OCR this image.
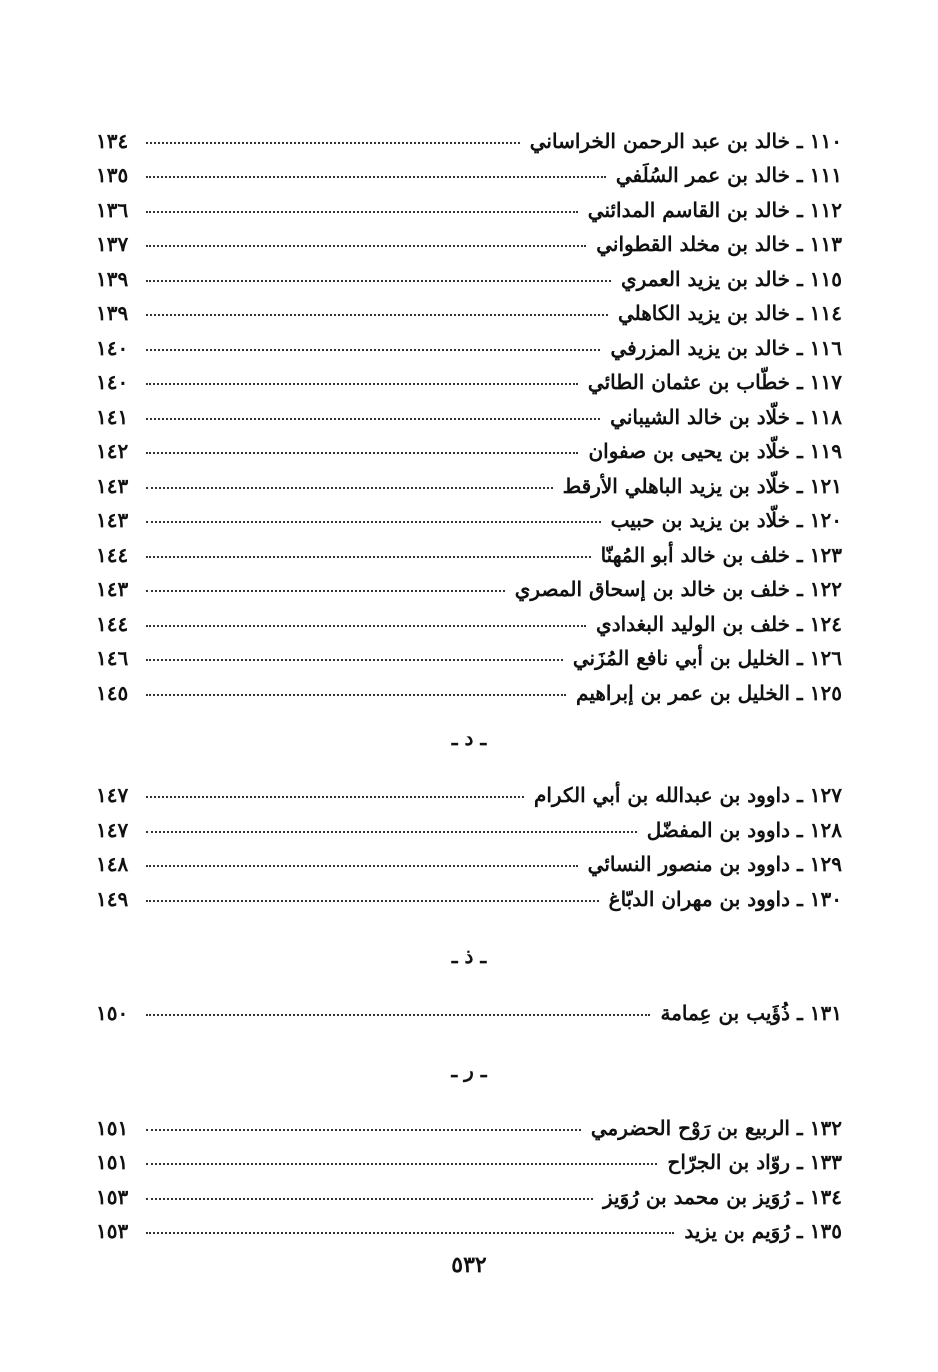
١١٠ ـ خالد بن عبد الرحمن الخراساني
١٣٤
١١١ ـ خالد بن عمر السُلَفي
١٣٥
١١٢ ـ خالد بن القاسم المدائني
١٣٦
١١٣ ـ خالد بن مخلد القطواني
١٣٧
١١٥ ـ خالد بن يزيد العمري
١٣٩
١١٤ ـ خالد بن يزيد الكاهلي
١٣٩
١١٦ ـ خالد بن يزيد المزرفي
١٤٠
١١٧ ـ خطّاب بن عثمان الطائي
١٤٠
١١٨ ـ خلّاد بن خالد الشيباني
١٤١
١١٩ ـ خلّاد بن يحيى بن صفوان
١٤٢
١٢١ ـ خلّاد بن يزيد الباهلي الأرقط
١٤٣
١٢٠ ـ خلّاد بن يزيد بن حبيب
١٤٣
١٢٣ ـ خلف بن خالد أبو المُهنّا
١٤٤
١٢٢ ـ خلف بن خالد بن إسحاق المصري
١٤٣
١٢٤ ـ خلف بن الوليد البغدادي
١٤٤
١٢٦ ـ الخليل بن أبي نافع المُزَني
١٤٦
١٢٥ ـ الخليل بن عمر بن إبراهيم
١٤٥
ـ د ـ
١٢٧ ـ داوود بن عبدالله بن أبي الكرام
١٤٧
١٢٨ ـ داوود بن المفضّل
١٤٧
١٢٩ ـ داوود بن منصور النسائي
١٤٨
١٣٠ ـ داوود بن مهران الدبّاغ
١٤٩
ـ ذ ـ
١٣١ ـ ذُؤَيب بن عِمامة
١٥٠
ـ ر ـ
١٣٢ ـ الربيع بن رَوْح الحضرمي
١٥١
١٣٣ ـ روّاد بن الجرّاح
١٥١
١٣٤ ـ رُوَيز بن محمد بن رُوَيز
١٥٣
١٣٥ ـ رُوَيم بن يزيد
١٥٣
٥٣٢
